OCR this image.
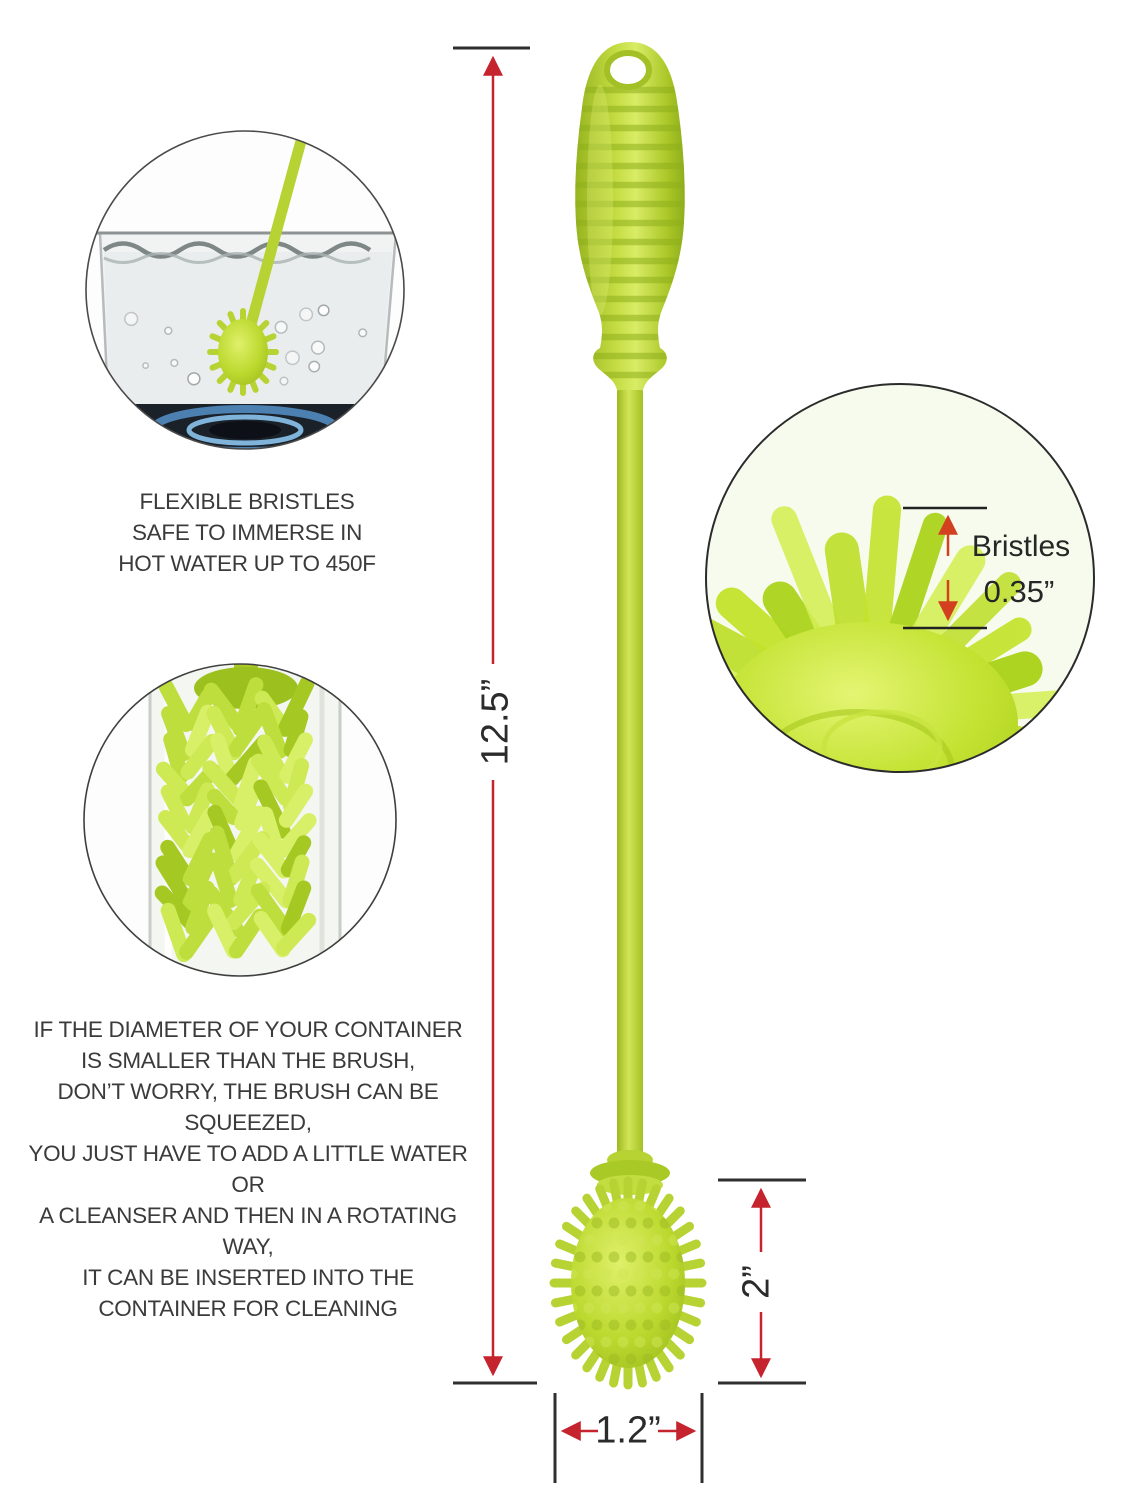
FLEXIBLE BRISTLES
SAFE TO IMMERSE IN
HOT WATER UP TO 450F
IF THE DIAMETER OF YOUR CONTAINER
IS SMALLER THAN THE BRUSH,
DON’T WORRY, THE BRUSH CAN BE SQUEEZED,
YOU JUST HAVE TO ADD A LITTLE WATER OR
A CLEANSER AND THEN IN A ROTATING WAY,
IT CAN BE INSERTED INTO THE
CONTAINER FOR CLEANING
12.5”
2”
1.2”
Bristles
0.35”
